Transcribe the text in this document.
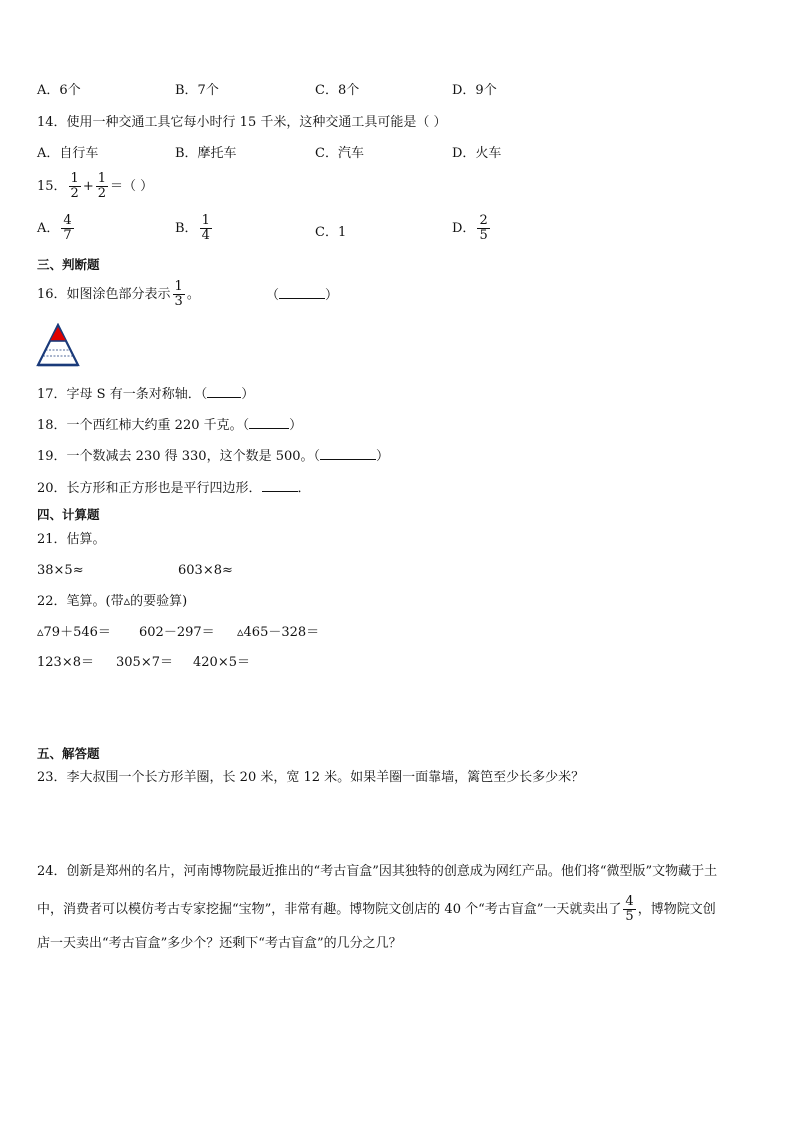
A．6个	B．7个	C．8个	D．9个
14．使用一种交通工具它每小时行 15 千米，这种交通工具可能是（ ）
A．自行车	B．摩托车	C．汽车	D．火车
15． $\frac{1}{2} + \frac{1}{2}$ ＝（ ）
A． $\frac{4}{7}$	B． $\frac{1}{4}$	C．1	D． $\frac{2}{5}$
三、判断题
16．如图涂色部分表示 $\frac{1}{3}$ 。	（	）
17．字母 S 有一条对称轴．（	）
18．一个西红柿大约重 220 千克。（	）
19．一个数减去 230 得 330，这个数是 500。（	）
20．长方形和正方形也是平行四边形．	．
四、计算题
21．估算。
38×5≈	603×8≈
22．笔算。(带▵的要验算)
▵79＋546＝ 602－297＝ ▵465－328＝
123×8＝ 305×7＝ 420×5＝
五、解答题
23．李大叔围一个长方形羊圈，长 20 米，宽 12 米。如果羊圈一面靠墙，篱笆至少长多少米？
24．创新是郑州的名片，河南博物院最近推出的“考古盲盒”因其独特的创意成为网红产品。他们将“微型版”文物藏于土
中，消费者可以模仿考古专家挖掘“宝物”，非常有趣。博物院文创店的 40 个“考古盲盒”一天就卖出了 $\frac{4}{5}$ ，博物院文创
店一天卖出“考古盲盒”多少个？还剩下“考古盲盒”的几分之几？
